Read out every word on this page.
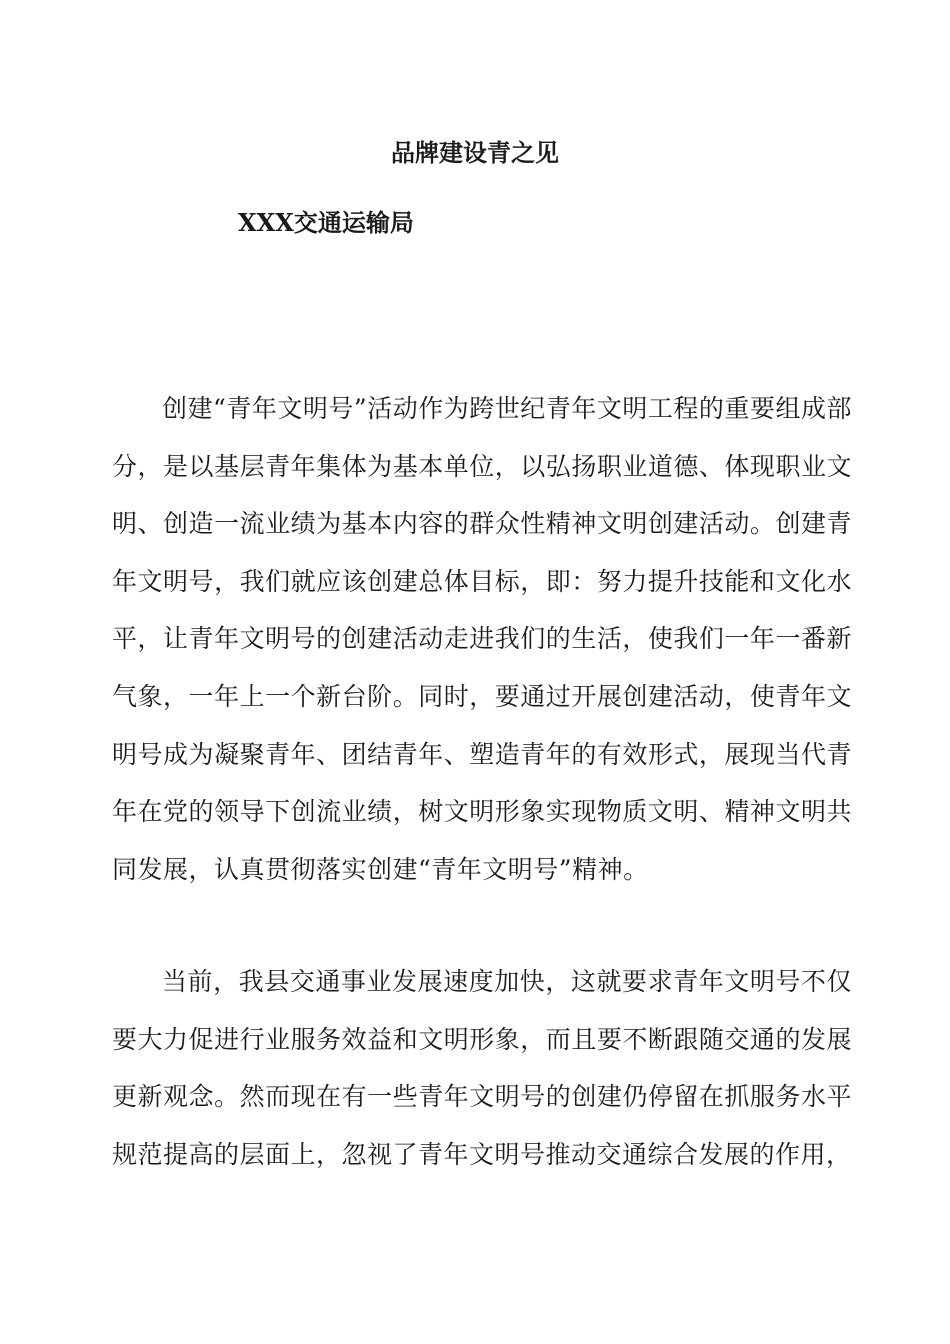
品牌建设青之见

XXX交通运输局

创建“青年文明号”活动作为跨世纪青年文明工程的重要组成部分，是以基层青年集体为基本单位，以弘扬职业道德、体现职业文明、创造一流业绩为基本内容的群众性精神文明创建活动。创建青年文明号，我们就应该创建总体目标，即：努力提升技能和文化水平，让青年文明号的创建活动走进我们的生活，使我们一年一番新气象，一年上一个新台阶。同时，要通过开展创建活动，使青年文明号成为凝聚青年、团结青年、塑造青年的有效形式，展现当代青年在党的领导下创流业绩，树文明形象实现物质文明、精神文明共同发展，认真贯彻落实创建“青年文明号”精神。

当前，我县交通事业发展速度加快，这就要求青年文明号不仅要大力促进行业服务效益和文明形象，而且要不断跟随交通的发展更新观念。然而现在有一些青年文明号的创建仍停留在抓服务水平规范提高的层面上，忽视了青年文明号推动交通综合发展的作用，
